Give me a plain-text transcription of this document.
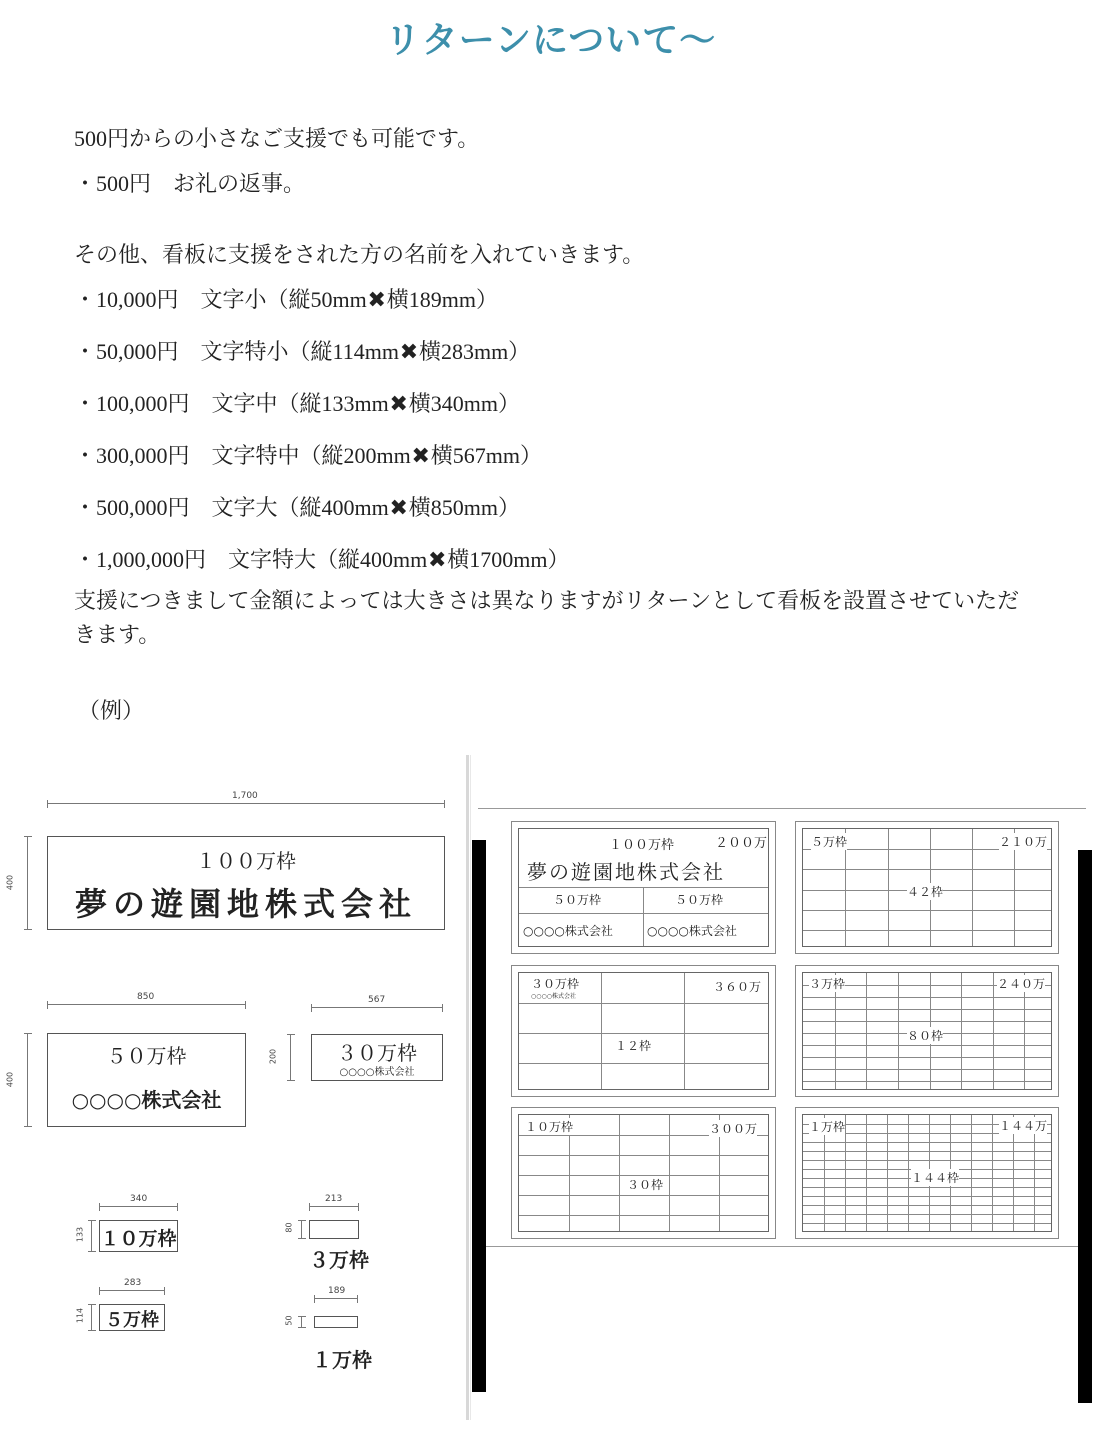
リターンについて〜
500円からの小さなご支援でも可能です。
・500円　お礼の返事。
その他、看板に支援をされた方の名前を入れていきます。
・10,000円　 文字小（縦50mm✖横189mm）
・50,000円　 文字特小（縦114mm✖横283mm）
・100,000円　 文字中（縦133mm✖横340mm）
・300,000円　 文字特中（縦200mm✖横567mm）
・500,000円　 文字大（縦400mm✖横850mm）
・1,000,000円　 文字特大（縦400mm✖横1700mm）
支援につきまして金額によっては大きさは異なりますがリターンとして看板を設置させていただきます。
（例）
1,700
400
１００万枠
夢の遊園地株式会社
850
400
５０万枠
○○○○株式会社
567
200	３０万枠
○○○○株式会社
340
133 １０万枠
213
80
３万枠
283
114 ５万枠
189
50
１万枠
１００万枠	２００万
夢の遊園地株式会社
５０万枠	５０万枠
○○○○株式会社	○○○○株式会社
５万枠	２１０万
４２枠
３０万枠
○○○○株式会社
３６０万
１２枠
３万枠	２４０万
８０枠
１０万枠	３００万
３０枠
１万枠	１４４万
１４４枠
